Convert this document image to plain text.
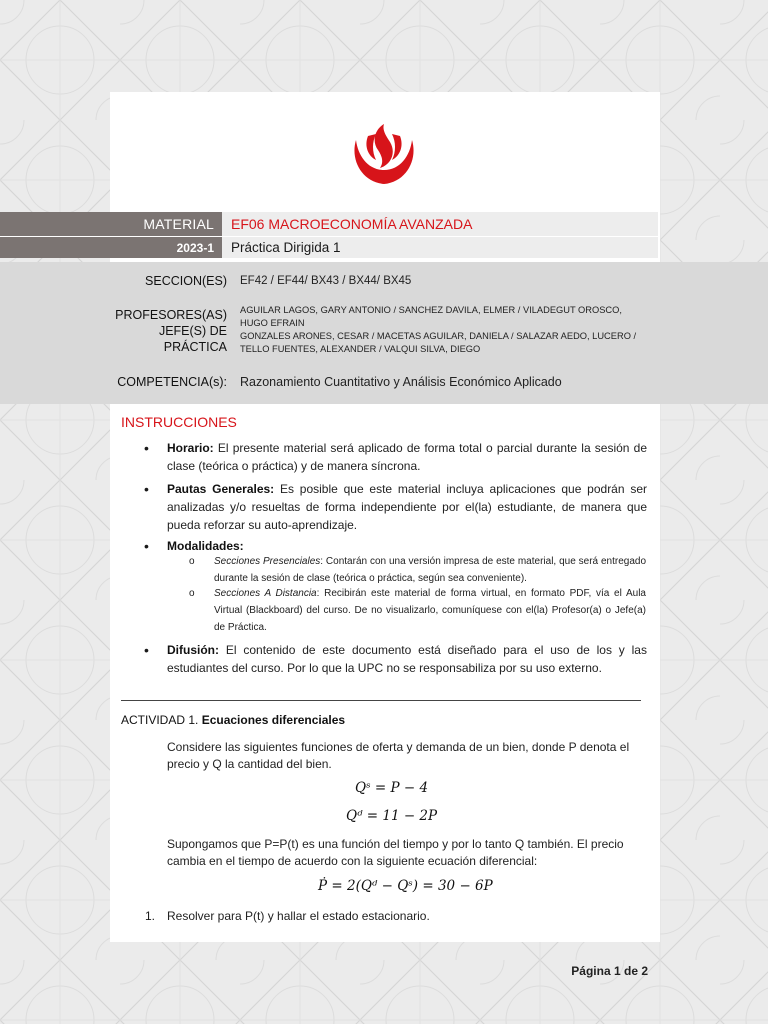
MATERIAL
2023-1
EF06 MACROECONOMÍA AVANZADA
Práctica Dirigida 1
SECCION(ES) EF42 / EF44/ BX43 / BX44/ BX45
PROFESORES(AS)
JEFE(S) DE
PRÁCTICA
AGUILAR LAGOS, GARY ANTONIO / SANCHEZ DAVILA, ELMER / VILADEGUT OROSCO,
HUGO EFRAIN
GONZALES ARONES, CESAR / MACETAS AGUILAR, DANIELA / SALAZAR AEDO, LUCERO /
TELLO FUENTES, ALEXANDER / VALQUI SILVA, DIEGO
COMPETENCIA(s): Razonamiento Cuantitativo y Análisis Económico Aplicado
INSTRUCCIONES
• Horario: El presente material será aplicado de forma total o parcial durante la sesión de clase (teórica o práctica) y de manera síncrona.
• Pautas Generales: Es posible que este material incluya aplicaciones que podrán ser analizadas y/o resueltas de forma independiente por el(la) estudiante, de manera que pueda reforzar su auto-aprendizaje.
• Modalidades:
o Secciones Presenciales: Contarán con una versión impresa de este material, que será entregado durante la sesión de clase (teórica o práctica, según sea conveniente).
o Secciones A Distancia: Recibirán este material de forma virtual, en formato PDF, vía el Aula Virtual (Blackboard) del curso. De no visualizarlo, comuníquese con el(la) Profesor(a) o Jefe(a) de Práctica.
• Difusión: El contenido de este documento está diseñado para el uso de los y las estudiantes del curso. Por lo que la UPC no se responsabiliza por su uso externo.
ACTIVIDAD 1. Ecuaciones diferenciales
Considere las siguientes funciones de oferta y demanda de un bien, donde P denota el precio y Q la cantidad del bien.
Qˢ = P − 4
Qᵈ = 11 − 2P
Supongamos que P=P(t) es una función del tiempo y por lo tanto Q también. El precio cambia en el tiempo de acuerdo con la siguiente ecuación diferencial:
Ṗ = 2(Qᵈ − Qˢ) = 30 − 6P
1. Resolver para P(t) y hallar el estado estacionario.
Página 1 de 2
